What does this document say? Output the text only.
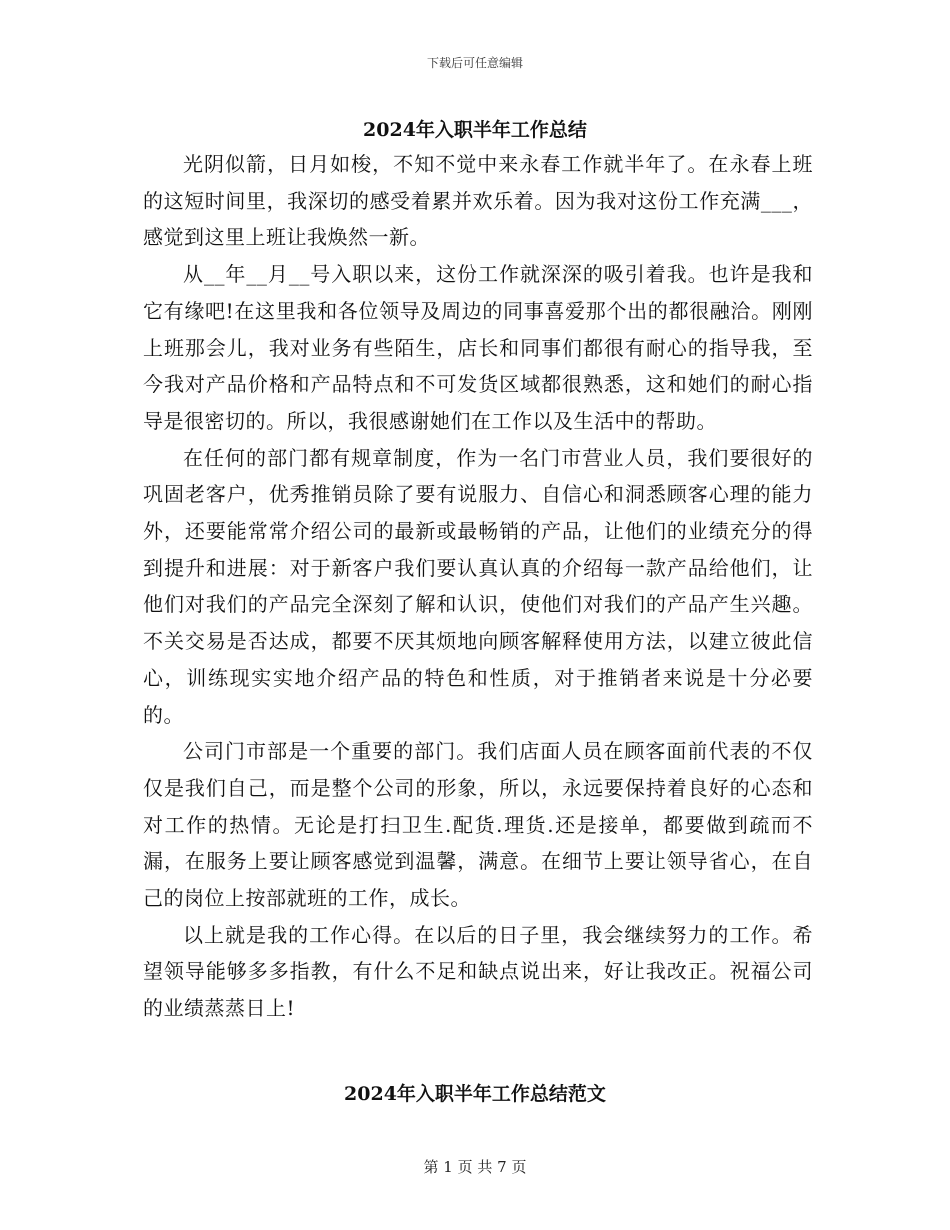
下载后可任意编辑
2024年入职半年工作总结

光阴似箭，日月如梭，不知不觉中来永春工作就半年了。在永春上班的这短时间里，我深切的感受着累并欢乐着。因为我对这份工作充满___，感觉到这里上班让我焕然一新。

从__年__月__号入职以来，这份工作就深深的吸引着我。也许是我和它有缘吧!在这里我和各位领导及周边的同事喜爱那个出的都很融洽。刚刚上班那会儿，我对业务有些陌生，店长和同事们都很有耐心的指导我，至今我对产品价格和产品特点和不可发货区域都很熟悉，这和她们的耐心指导是很密切的。所以，我很感谢她们在工作以及生活中的帮助。

在任何的部门都有规章制度，作为一名门市营业人员，我们要很好的巩固老客户，优秀推销员除了要有说服力、自信心和洞悉顾客心理的能力外，还要能常常介绍公司的最新或最畅销的产品，让他们的业绩充分的得到提升和进展：对于新客户我们要认真认真的介绍每一款产品给他们，让他们对我们的产品完全深刻了解和认识，使他们对我们的产品产生兴趣。不关交易是否达成，都要不厌其烦地向顾客解释使用方法，以建立彼此信心，训练现实实地介绍产品的特色和性质，对于推销者来说是十分必要的。

公司门市部是一个重要的部门。我们店面人员在顾客面前代表的不仅仅是我们自己，而是整个公司的形象，所以，永远要保持着良好的心态和对工作的热情。无论是打扫卫生.配货.理货.还是接单，都要做到疏而不漏，在服务上要让顾客感觉到温馨，满意。在细节上要让领导省心，在自己的岗位上按部就班的工作，成长。

以上就是我的工作心得。在以后的日子里，我会继续努力的工作。希望领导能够多多指教，有什么不足和缺点说出来，好让我改正。祝福公司的业绩蒸蒸日上!

2024年入职半年工作总结范文
第 1 页 共 7 页
